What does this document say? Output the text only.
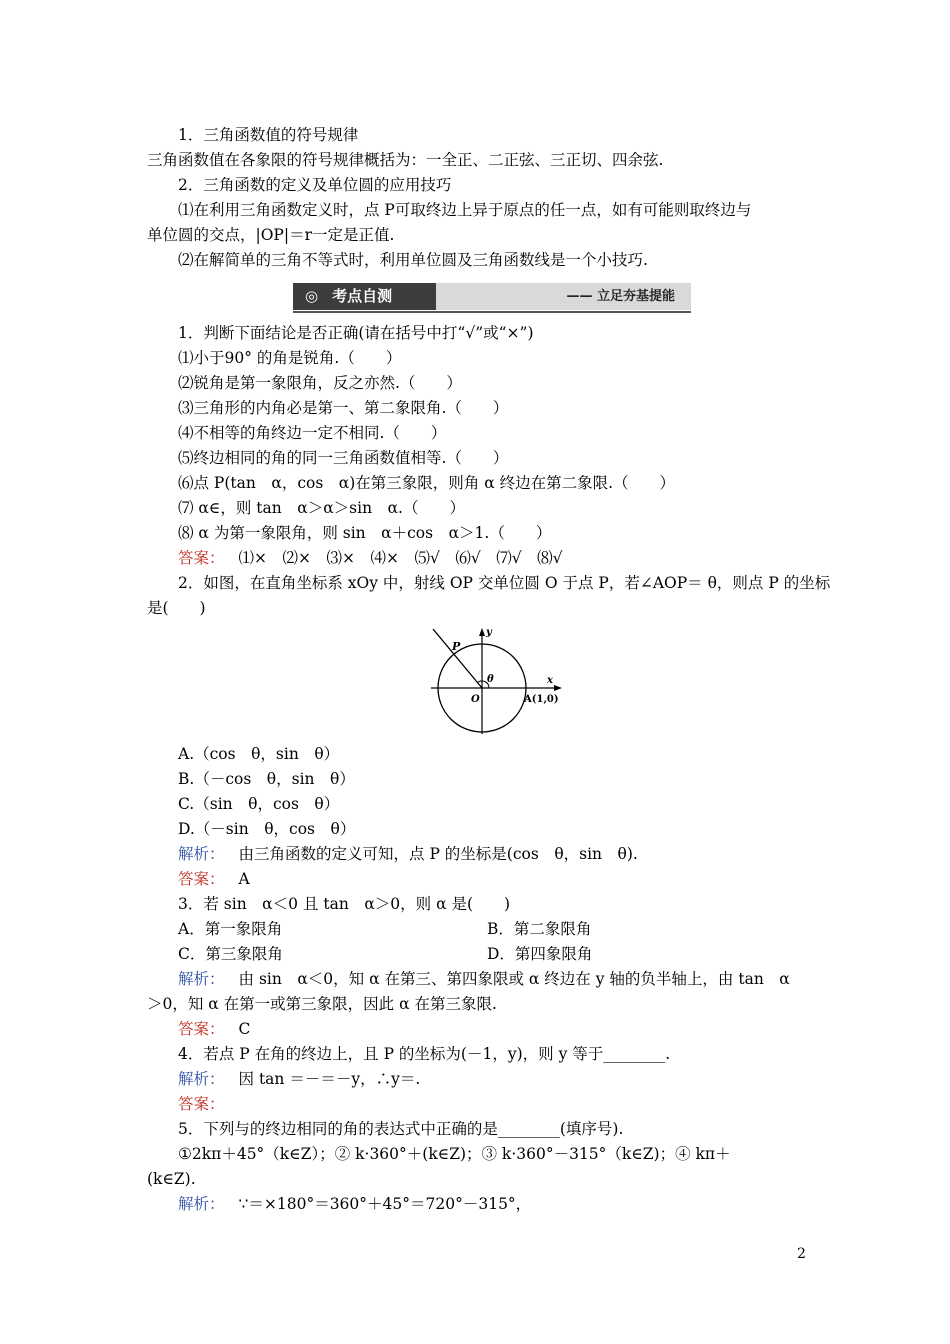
1．三角函数值的符号规律
三角函数值在各象限的符号规律概括为：一全正、二正弦、三正切、四余弦.
2．三角函数的定义及单位圆的应用技巧
⑴在利用三角函数定义时，点 P可取终边上异于原点的任一点，如有可能则取终边与
单位圆的交点，|OP|＝r一定是正值.
⑵在解简单的三角不等式时，利用单位圆及三角函数线是一个小技巧.
◎ 考点自测	—— 立足夯基提能
1．判断下面结论是否正确(请在括号中打“√”或“×”)
⑴小于90° 的角是锐角.（　　）
⑵锐角是第一象限角，反之亦然.（　　）
⑶三角形的内角必是第一、第二象限角.（　　）
⑷不相等的角终边一定不相同.（　　）
⑸终边相同的角的同一三角函数值相等.（　　）
⑹点 P(tan　α，cos　α)在第三象限，则角 α 终边在第二象限.（　　）
⑺ α∈，则 tan　α＞α＞sin　α.（　　）
⑻ α 为第一象限角，则 sin　α＋cos　α＞1.（　　）
答案： ⑴×　⑵×　⑶×　⑷×　⑸√　⑹√　⑺√　⑻√
2．如图，在直角坐标系 xOy 中，射线 OP 交单位圆 O 于点 P，若∠AOP＝ θ，则点 P 的坐标
是(　　)
P
y
x
O
θ
A(1,0)
A.（cos　θ，sin　θ）
B.（－cos　θ，sin　θ）
C.（sin　θ，cos　θ）
D.（－sin　θ，cos　θ）
解析： 由三角函数的定义可知，点 P 的坐标是(cos　θ，sin　θ).
答案： A
3．若 sin　α＜0 且 tan　α＞0，则 α 是(　　)
A．第一象限角	B．第二象限角
C．第三象限角	D．第四象限角
解析： 由 sin　α＜0，知 α 在第三、第四象限或 α 终边在 y 轴的负半轴上，由 tan　α
＞0，知 α 在第一或第三象限，因此 α 在第三象限.
答案： C
4．若点 P 在角的终边上，且 P 的坐标为(－1，y)，则 y 等于________.
解析： 因 tan ＝－＝－y，∴y＝.
答案：
5．下列与的终边相同的角的表达式中正确的是________(填序号).
①2kπ＋45°（k∈Z）；② k·360°＋(k∈Z)；③ k·360°－315°（k∈Z)；④ kπ＋
(k∈Z).
解析： ∵＝×180°＝360°＋45°＝720°－315°，
2
